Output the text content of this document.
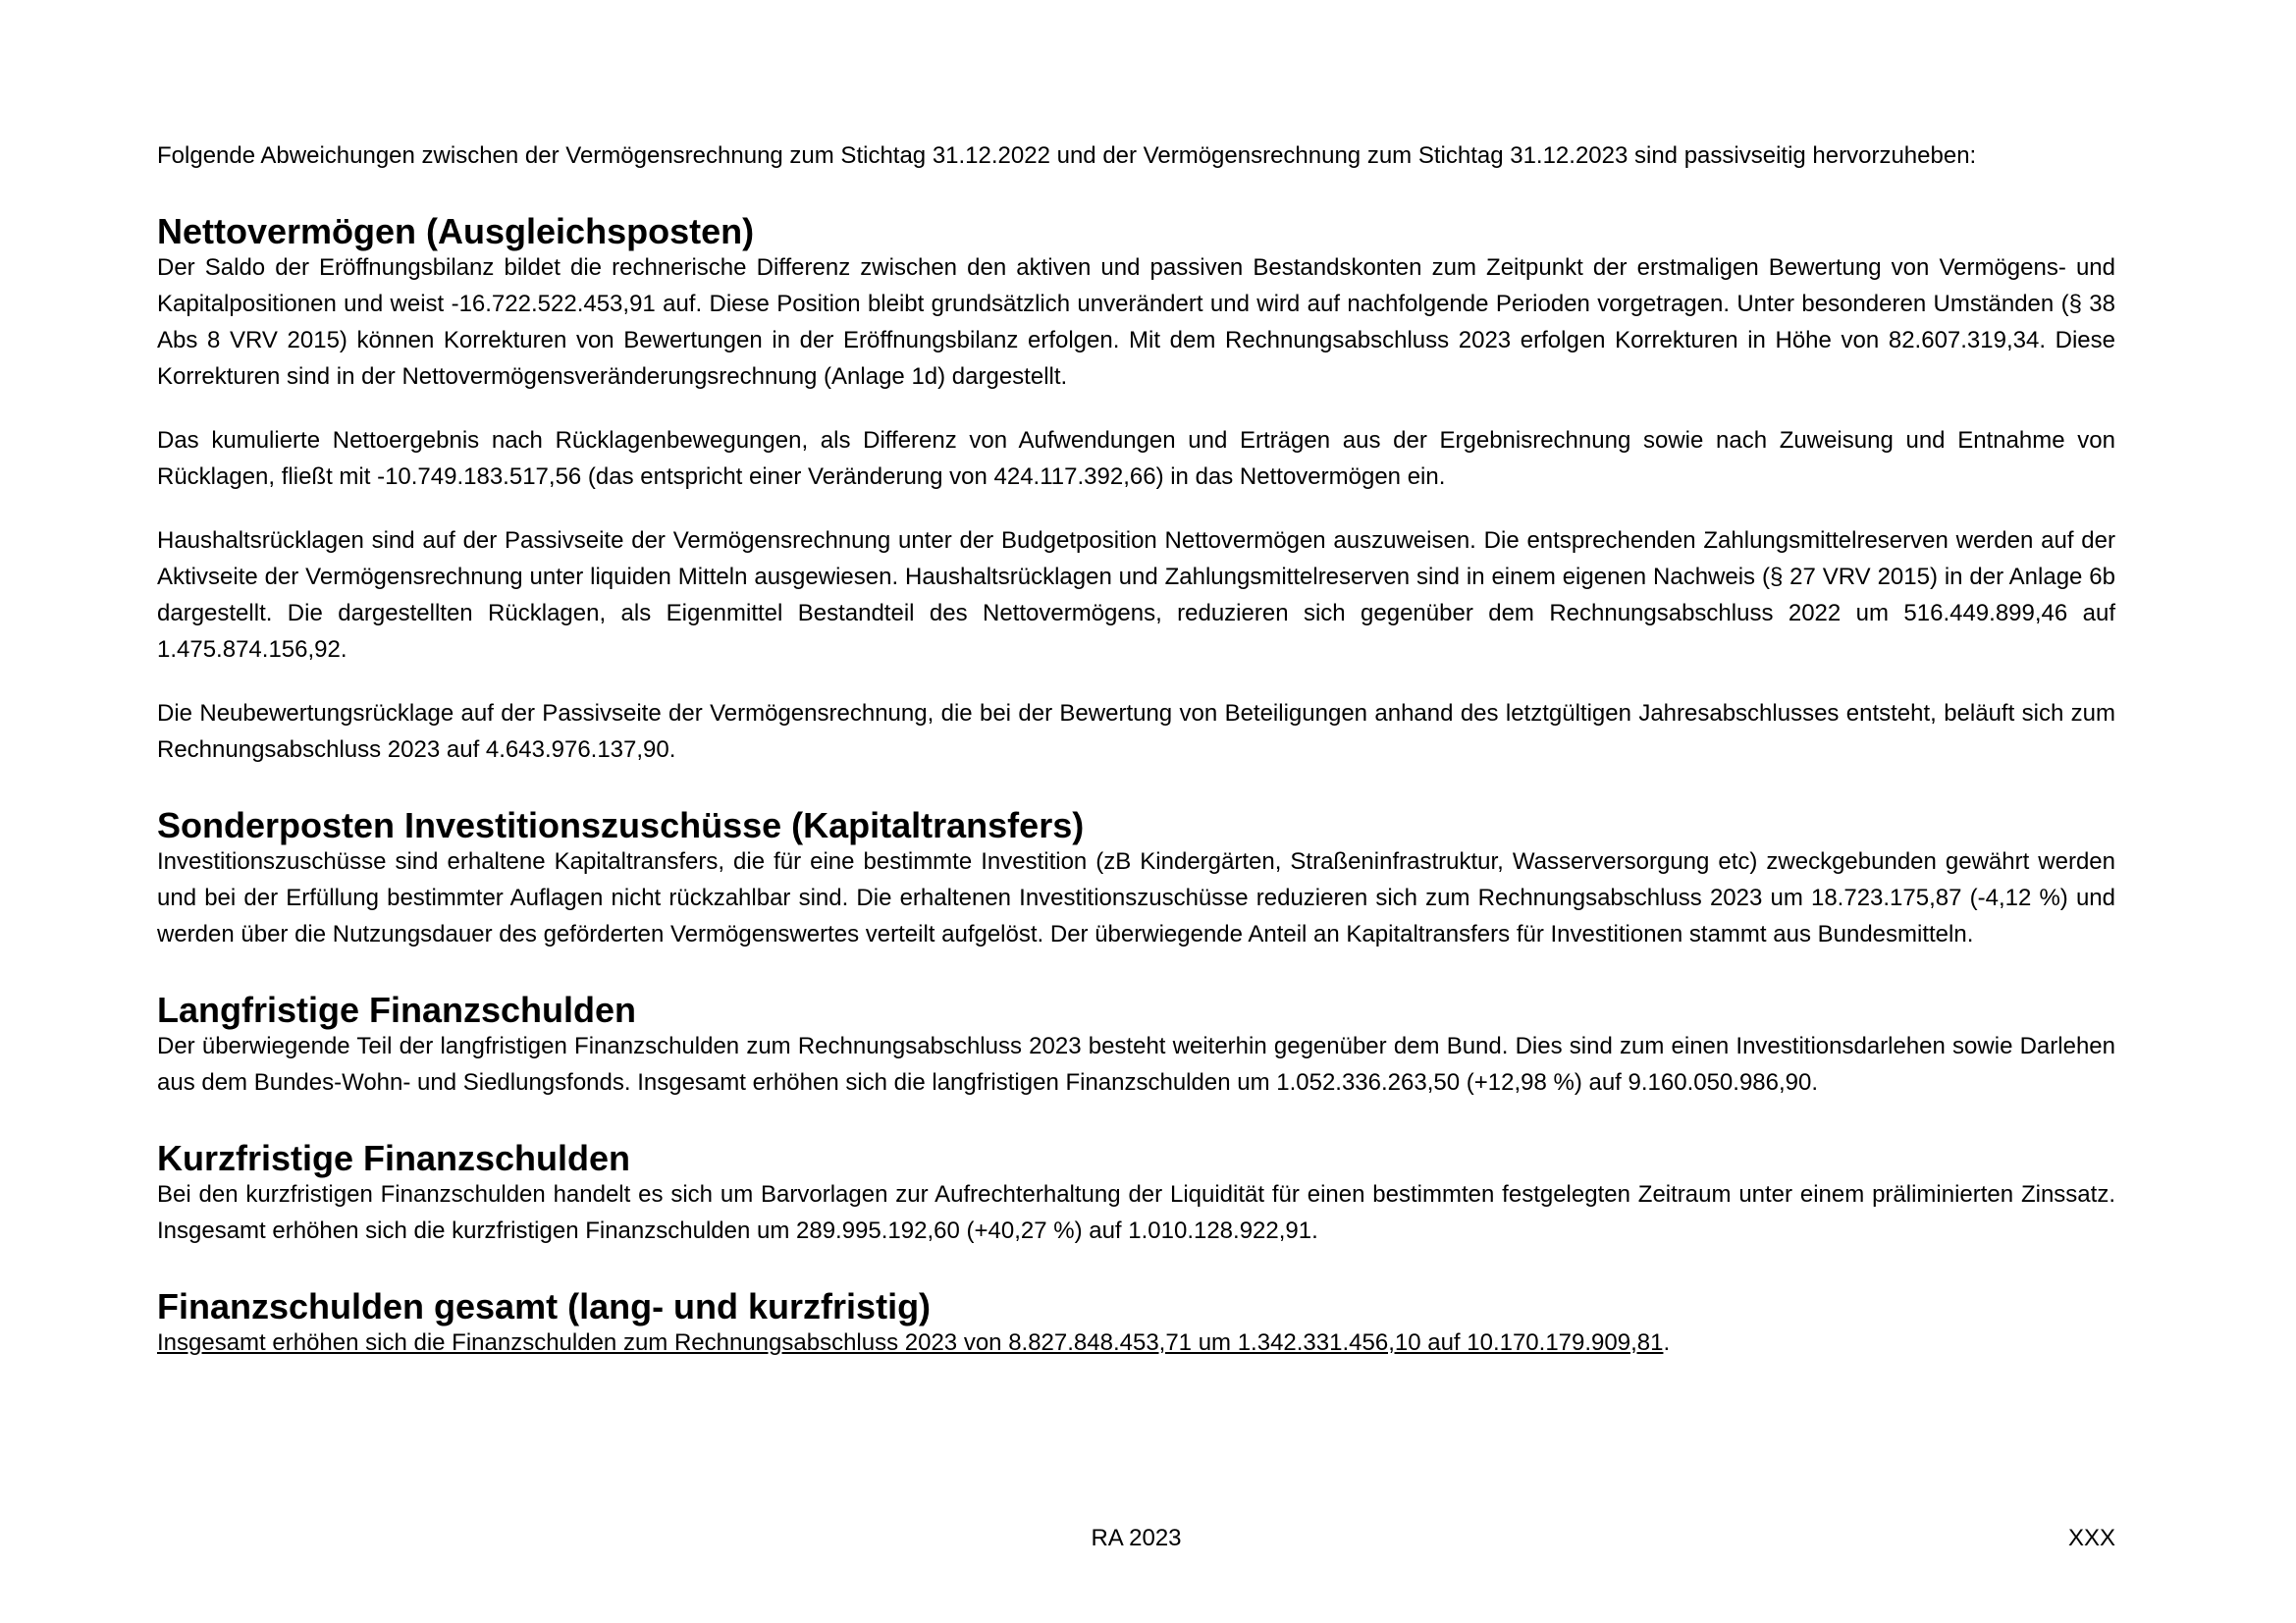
Folgende Abweichungen zwischen der Vermögensrechnung zum Stichtag 31.12.2022 und der Vermögensrechnung zum Stichtag 31.12.2023 sind passivseitig hervorzuheben:

Nettovermögen (Ausgleichsposten)

Der Saldo der Eröffnungsbilanz bildet die rechnerische Differenz zwischen den aktiven und passiven Bestandskonten zum Zeitpunkt der erstmaligen Bewertung von Vermögens- und Kapitalpositionen und weist -16.722.522.453,91 auf. Diese Position bleibt grundsätzlich unverändert und wird auf nachfolgende Perioden vorgetragen. Unter besonderen Umständen (§ 38 Abs 8 VRV 2015) können Korrekturen von Bewertungen in der Eröffnungsbilanz erfolgen. Mit dem Rechnungsabschluss 2023 erfolgen Korrekturen in Höhe von 82.607.319,34. Diese Korrekturen sind in der Nettovermögensveränderungsrechnung (Anlage 1d) dargestellt.

Das kumulierte Nettoergebnis nach Rücklagenbewegungen, als Differenz von Aufwendungen und Erträgen aus der Ergebnisrechnung sowie nach Zuweisung und Entnahme von Rücklagen, fließt mit -10.749.183.517,56 (das entspricht einer Veränderung von 424.117.392,66) in das Nettovermögen ein.

Haushaltsrücklagen sind auf der Passivseite der Vermögensrechnung unter der Budgetposition Nettovermögen auszuweisen. Die entsprechenden Zahlungsmittelreserven werden auf der Aktivseite der Vermögensrechnung unter liquiden Mitteln ausgewiesen. Haushaltsrücklagen und Zahlungsmittelreserven sind in einem eigenen Nachweis (§ 27 VRV 2015) in der Anlage 6b dargestellt. Die dargestellten Rücklagen, als Eigenmittel Bestandteil des Nettovermögens, reduzieren sich gegenüber dem Rechnungsabschluss 2022 um 516.449.899,46 auf 1.475.874.156,92.

Die Neubewertungsrücklage auf der Passivseite der Vermögensrechnung, die bei der Bewertung von Beteiligungen anhand des letztgültigen Jahresabschlusses entsteht, beläuft sich zum Rechnungsabschluss 2023 auf 4.643.976.137,90.

Sonderposten Investitionszuschüsse (Kapitaltransfers)

Investitionszuschüsse sind erhaltene Kapitaltransfers, die für eine bestimmte Investition (zB Kindergärten, Straßeninfrastruktur, Wasserversorgung etc) zweckgebunden gewährt werden und bei der Erfüllung bestimmter Auflagen nicht rückzahlbar sind. Die erhaltenen Investitionszuschüsse reduzieren sich zum Rechnungsabschluss 2023 um 18.723.175,87 (-4,12 %) und werden über die Nutzungsdauer des geförderten Vermögenswertes verteilt aufgelöst. Der überwiegende Anteil an Kapitaltransfers für Investitionen stammt aus Bundesmitteln.

Langfristige Finanzschulden

Der überwiegende Teil der langfristigen Finanzschulden zum Rechnungsabschluss 2023 besteht weiterhin gegenüber dem Bund. Dies sind zum einen Investitionsdarlehen sowie Darlehen aus dem Bundes-Wohn- und Siedlungsfonds. Insgesamt erhöhen sich die langfristigen Finanzschulden um 1.052.336.263,50 (+12,98 %) auf 9.160.050.986,90.

Kurzfristige Finanzschulden

Bei den kurzfristigen Finanzschulden handelt es sich um Barvorlagen zur Aufrechterhaltung der Liquidität für einen bestimmten festgelegten Zeitraum unter einem präliminierten Zinssatz. Insgesamt erhöhen sich die kurzfristigen Finanzschulden um 289.995.192,60 (+40,27 %) auf 1.010.128.922,91.

Finanzschulden gesamt (lang- und kurzfristig)

Insgesamt erhöhen sich die Finanzschulden zum Rechnungsabschluss 2023 von 8.827.848.453,71 um 1.342.331.456,10 auf 10.170.179.909,81.

RA 2023	XXX
